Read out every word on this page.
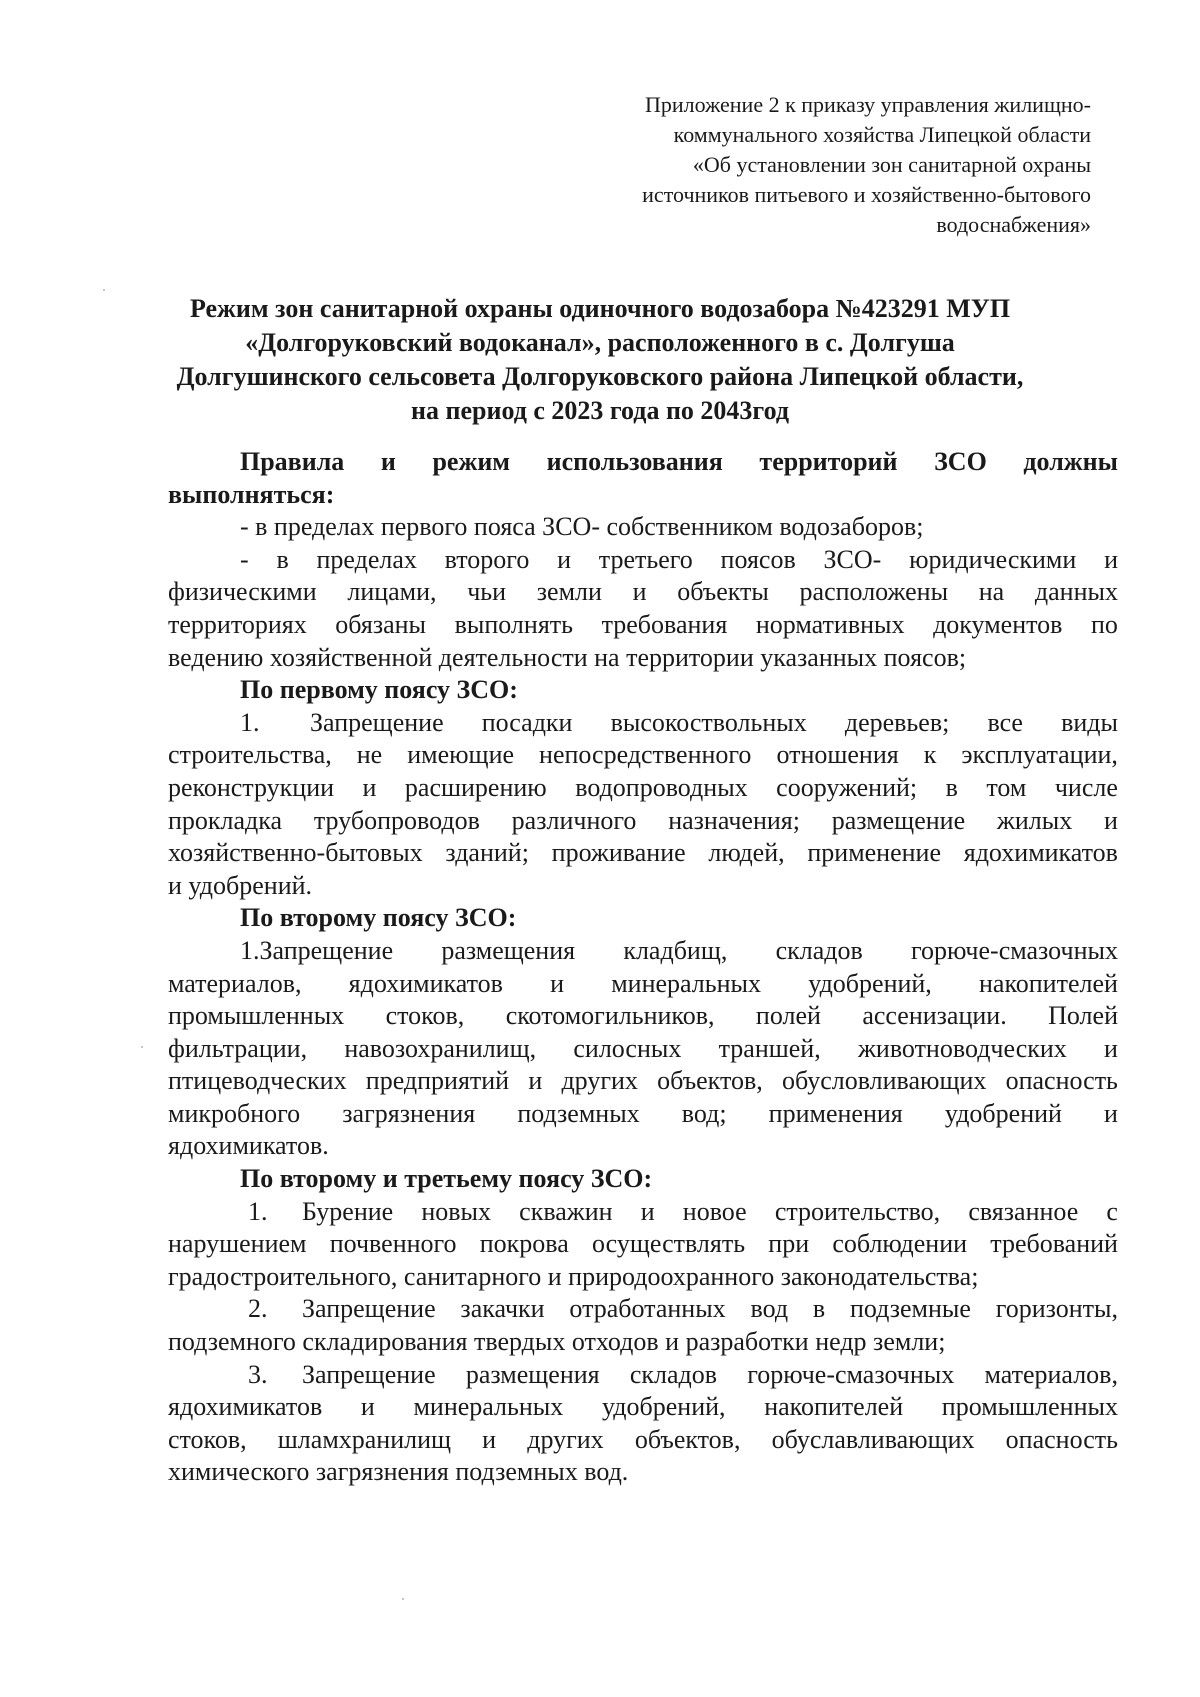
Приложение 2 к приказу управления жилищно-
коммунального хозяйства Липецкой области
«Об установлении зон санитарной охраны
источников питьевого и хозяйственно-бытового
водоснабжения»
Режим зон санитарной охраны одиночного водозабора №423291 МУП
«Долгоруковский водоканал», расположенного в с. Долгуша
Долгушинского сельсовета Долгоруковского района Липецкой области,
на период с 2023 года по 2043год
Правила и режим использования территорий ЗСО должны
выполняться:
- в пределах первого пояса ЗСО- собственником водозаборов;
- в пределах второго и третьего поясов ЗСО- юридическими и
физическими лицами, чьи земли и объекты расположены на данных
территориях обязаны выполнять требования нормативных документов по
ведению хозяйственной деятельности на территории указанных поясов;
По первому поясу ЗСО:
1.	Запрещение посадки высокоствольных деревьев; все виды
строительства, не имеющие непосредственного отношения к эксплуатации,
реконструкции и расширению водопроводных сооружений; в том числе
прокладка трубопроводов различного назначения; размещение жилых и
хозяйственно-бытовых зданий; проживание людей, применение ядохимикатов
и удобрений.
По второму поясу ЗСО:
1.Запрещение размещения кладбищ, складов горюче-смазочных
материалов, ядохимикатов и минеральных удобрений, накопителей
промышленных стоков, скотомогильников, полей ассенизации. Полей
фильтрации, навозохранилищ, силосных траншей, животноводческих и
птицеводческих предприятий и других объектов, обусловливающих опасность
микробного загрязнения подземных вод; применения удобрений и
ядохимикатов.
По второму и третьему поясу ЗСО:
1.	Бурение новых скважин и новое строительство, связанное с
нарушением почвенного покрова осуществлять при соблюдении требований
градостроительного, санитарного и природоохранного законодательства;
2.	Запрещение закачки отработанных вод в подземные горизонты,
подземного складирования твердых отходов и разработки недр земли;
3.	Запрещение размещения складов горюче-смазочных материалов,
ядохимикатов и минеральных удобрений, накопителей промышленных
стоков, шламхранилищ и других объектов, обуславливающих опасность
химического загрязнения подземных вод.
